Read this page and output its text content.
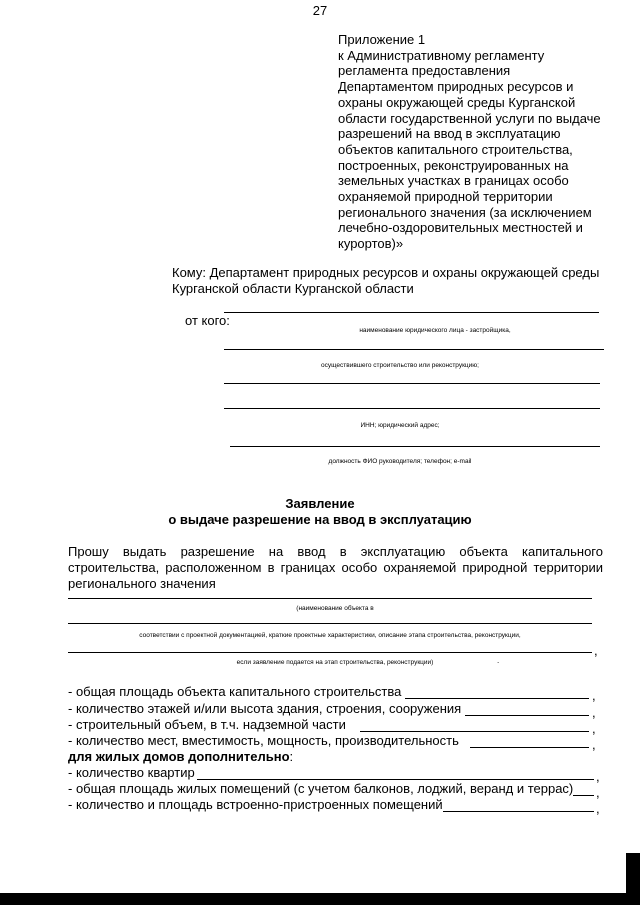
27
Приложение 1
к Административному регламенту
регламента предоставления
Департаментом природных ресурсов и
охраны окружающей среды Курганской
области государственной услуги по выдаче
разрешений на ввод в эксплуатацию
объектов капитального строительства,
построенных, реконструированных на
земельных участках в границах особо
охраняемой природной территории
регионального значения (за исключением
лечебно-оздоровительных местностей и
курортов)»
Кому: Департамент природных ресурсов и охраны окружающей среды Курганской области Курганской области
от кого:
наименование юридического лица - застройщика,
осуществившего строительство или реконструкцию;
ИНН; юридический адрес;
должность ФИО руководителя; телефон; e-mail
Заявление
о выдаче разрешение на ввод в эксплуатацию
Прошу выдать разрешение на ввод в эксплуатацию объекта капитального строительства, расположенном в границах особо охраняемой природной территории регионального значения
(наименование объекта в
соответствии с проектной документацией, краткие проектные характеристики, описание этапа строительства, реконструкции,
,
если заявление подается на этап строительства, реконструкции)	.
- общая площадь объекта капитального строительства	,
- количество этажей и/или высота здания, строения, сооружения	,
- строительный объем, в т.ч. надземной части	,
- количество мест, вместимость, мощность, производительность	,
для жилых домов дополнительно:
- количество квартир	,
- общая площадь жилых помещений (с учетом балконов, лоджий, веранд и террас) ,
- количество и площадь встроенно-пристроенных помещений	,
